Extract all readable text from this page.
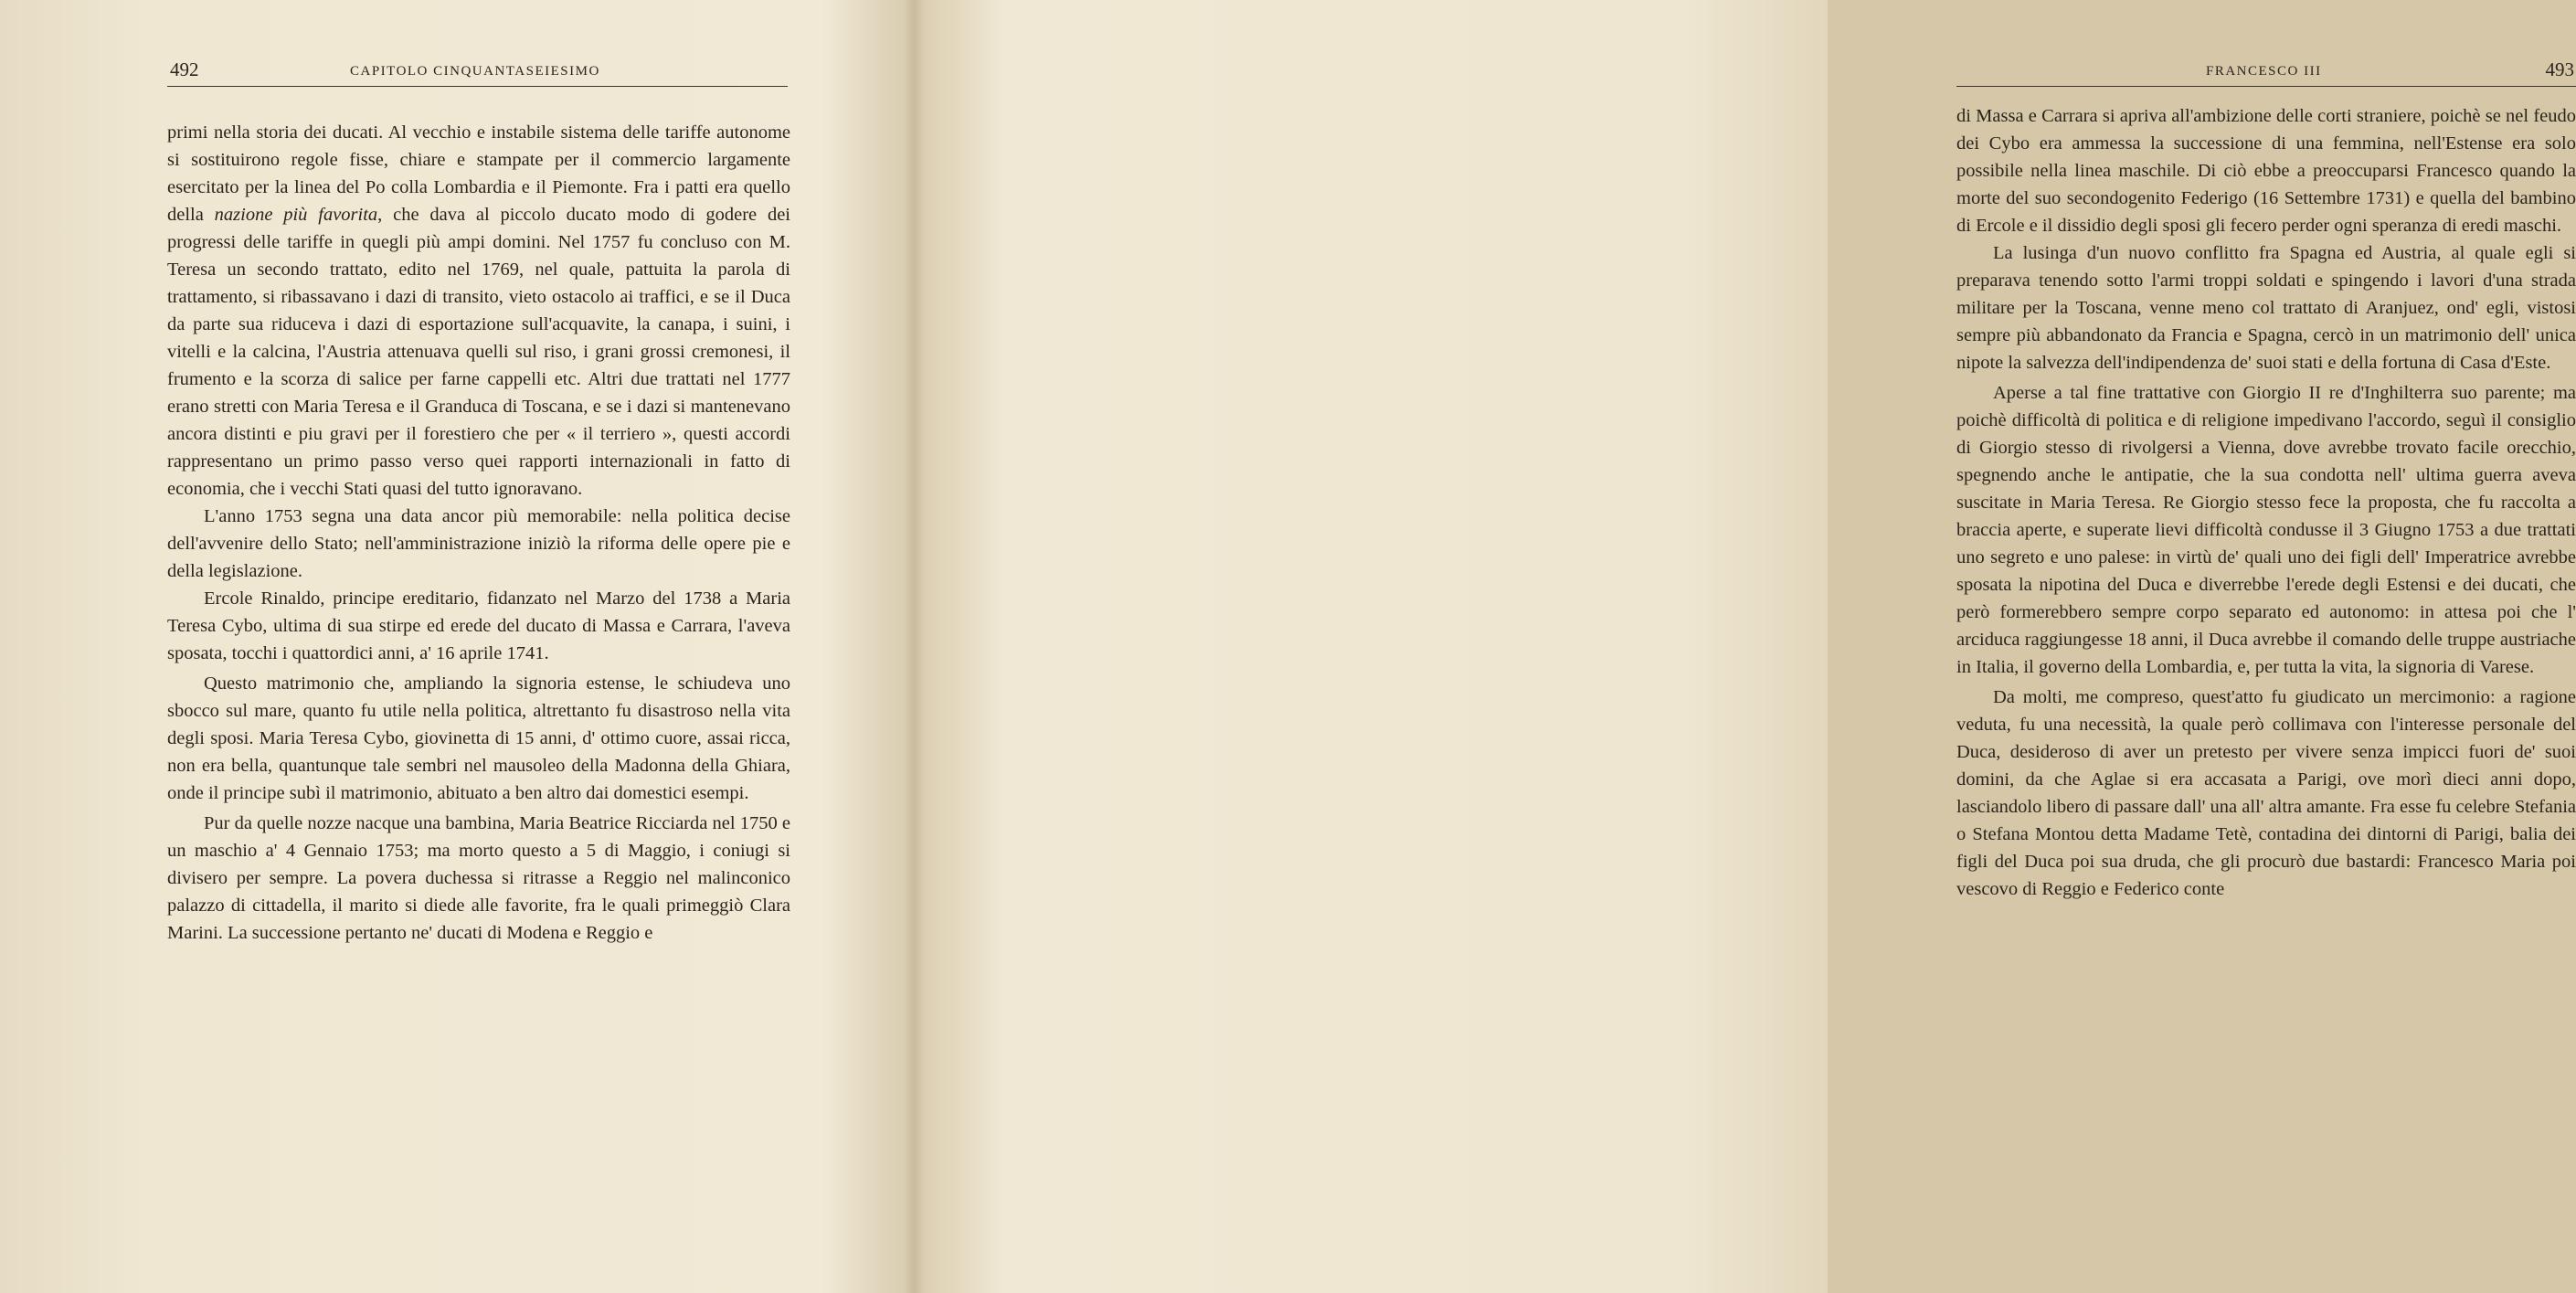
492	CAPITOLO CINQUANTASEIESIMO

primi nella storia dei ducati. Al vecchio e instabile sistema delle tariffe autonome si sostituirono regole fisse, chiare e stampate per il commercio largamente esercitato per la linea del Po colla Lombardia e il Piemonte. Fra i patti era quello della nazione più favorita, che dava al piccolo ducato modo di godere dei progressi delle tariffe in quegli più ampi domini. Nel 1757 fu concluso con M. Teresa un secondo trattato, edito nel 1769, nel quale, pattuita la parola di trattamento, si ribassavano i dazi di transito, vieto ostacolo ai traffici, e se il Duca da parte sua riduceva i dazi di esportazione sull'acquavite, la canapa, i suini, i vitelli e la calcina, l'Austria attenuava quelli sul riso, i grani grossi cremonesi, il frumento e la scorza di salice per farne cappelli etc. Altri due trattati nel 1777 erano stretti con Maria Teresa e il Granduca di Toscana, e se i dazi si mantenevano ancora distinti e piu gravi per il forestiero che per « il terriero », questi accordi rappresentano un primo passo verso quei rapporti internazionali in fatto di economia, che i vecchi Stati quasi del tutto ignoravano.

L'anno 1753 segna una data ancor più memorabile: nella politica decise dell'avvenire dello Stato; nell'amministrazione iniziò la riforma delle opere pie e della legislazione.

Ercole Rinaldo, principe ereditario, fidanzato nel Marzo del 1738 a Maria Teresa Cybo, ultima di sua stirpe ed erede del ducato di Massa e Carrara, l'aveva sposata, tocchi i quattordici anni, a' 16 aprile 1741.

Questo matrimonio che, ampliando la signoria estense, le schiudeva uno sbocco sul mare, quanto fu utile nella politica, altrettanto fu disastroso nella vita degli sposi. Maria Teresa Cybo, giovinetta di 15 anni, d' ottimo cuore, assai ricca, non era bella, quantunque tale sembri nel mausoleo della Madonna della Ghiara, onde il principe subì il matrimonio, abituato a ben altro dai domestici esempi.

Pur da quelle nozze nacque una bambina, Maria Beatrice Ricciarda nel 1750 e un maschio a' 4 Gennaio 1753; ma morto questo a 5 di Maggio, i coniugi si divisero per sempre. La povera duchessa si ritrasse a Reggio nel malinconico palazzo di cittadella, il marito si diede alle favorite, fra le quali primeggiò Clara Marini. La successione pertanto ne' ducati di Modena e Reggio e

FRANCESCO III	493

di Massa e Carrara si apriva all'ambizione delle corti straniere, poichè se nel feudo dei Cybo era ammessa la successione di una femmina, nell'Estense era solo possibile nella linea maschile. Di ciò ebbe a preoccuparsi Francesco quando la morte del suo secondogenito Federigo (16 Settembre 1731) e quella del bambino di Ercole e il dissidio degli sposi gli fecero perder ogni speranza di eredi maschi.

La lusinga d'un nuovo conflitto fra Spagna ed Austria, al quale egli si preparava tenendo sotto l'armi troppi soldati e spingendo i lavori d'una strada militare per la Toscana, venne meno col trattato di Aranjuez, ond' egli, vistosi sempre più abbandonato da Francia e Spagna, cercò in un matrimonio dell' unica nipote la salvezza dell'indipendenza de' suoi stati e della fortuna di Casa d'Este.

Aperse a tal fine trattative con Giorgio II re d'Inghilterra suo parente; ma poichè difficoltà di politica e di religione impedivano l'accordo, seguì il consiglio di Giorgio stesso di rivolgersi a Vienna, dove avrebbe trovato facile orecchio, spegnendo anche le antipatie, che la sua condotta nell' ultima guerra aveva suscitate in Maria Teresa. Re Giorgio stesso fece la proposta, che fu raccolta a braccia aperte, e superate lievi difficoltà condusse il 3 Giugno 1753 a due trattati uno segreto e uno palese: in virtù de' quali uno dei figli dell' Imperatrice avrebbe sposata la nipotina del Duca e diverrebbe l'erede degli Estensi e dei ducati, che però formerebbero sempre corpo separato ed autonomo: in attesa poi che l' arciduca raggiungesse 18 anni, il Duca avrebbe il comando delle truppe austriache in Italia, il governo della Lombardia, e, per tutta la vita, la signoria di Varese.

Da molti, me compreso, quest'atto fu giudicato un mercimonio: a ragione veduta, fu una necessità, la quale però collimava con l'interesse personale del Duca, desideroso di aver un pretesto per vivere senza impicci fuori de' suoi domini, da che Aglae si era accasata a Parigi, ove morì dieci anni dopo, lasciandolo libero di passare dall' una all' altra amante. Fra esse fu celebre Stefania o Stefana Montou detta Madame Tetè, contadina dei dintorni di Parigi, balia dei figli del Duca poi sua druda, che gli procurò due bastardi: Francesco Maria poi vescovo di Reggio e Federico conte
